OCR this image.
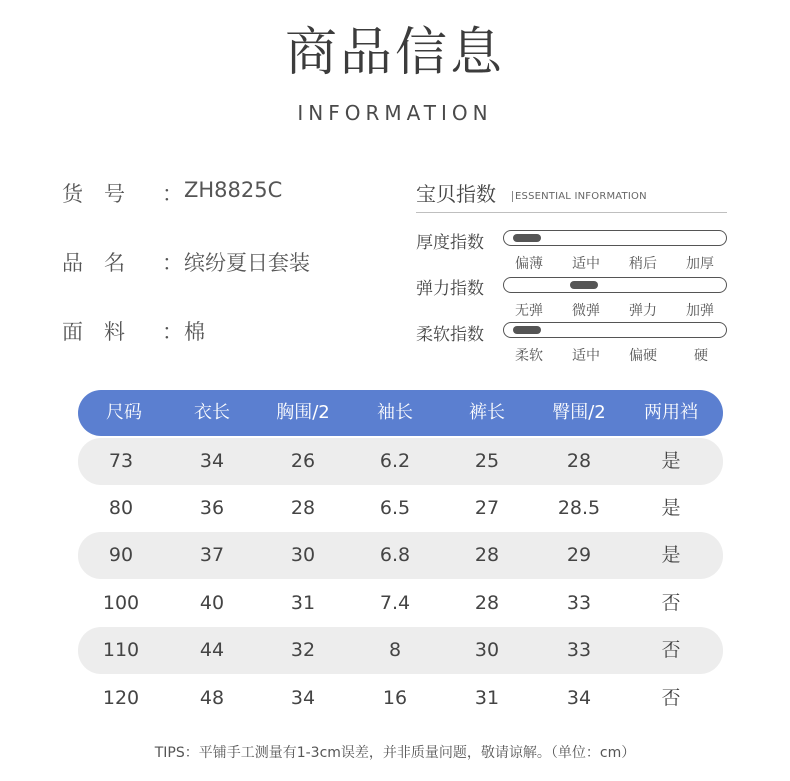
商品信息
INFORMATION
货　号	： ZH8825C
品　名	： 缤纷夏日套装
面　料	： 棉
宝贝指数	ESSENTIAL INFORMATION
厚度指数
偏薄 适中 稍后 加厚
弹力指数
无弹 微弹 弹力 加弹
柔软指数
柔软 适中 偏硬	硬
尺码	衣长	胸围/2	袖长	裤长	臀围/2	两用裆
73	34	26	6.2	25	28	是
80	36	28	6.5	27	28.5	是
90	37	30	6.8	28	29	是
100	40	31	7.4	28	33	否
110	44	32	8	30	33	否
120	48	34	16	31	34	否
TIPS：平铺手工测量有1-3cm误差，并非质量问题，敬请谅解。（单位：cm）
